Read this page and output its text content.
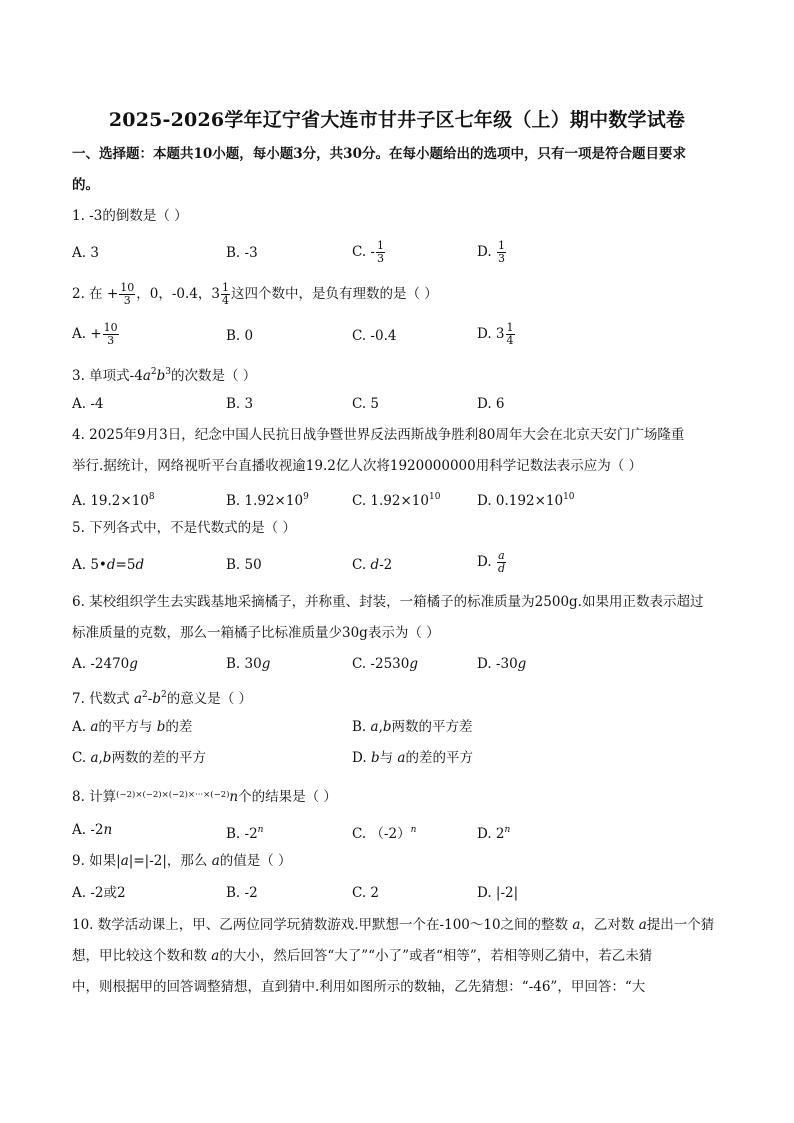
2025-2026学年辽宁省大连市甘井子区七年级（上）期中数学试卷
一、选择题：本题共10小题，每小题3分，共30分。在每小题给出的选项中，只有一项是符合题目要求
的。
1. -3的倒数是（ ）
A. 3	B. -3	C. - $\frac{1}{3}$	D. $\frac{1}{3}$
2. 在 + $\frac{10}{3}$ ，0，-0.4，$3 \frac{1}{4}$ 这四个数中，是负有理数的是（ ）
A. + $\frac{10}{3}$	B. 0	C. -0.4	D. $3 \frac{1}{4}$
3. 单项式$-4a^2b^3$的次数是（ ）
A. -4	B. 3	C. 5	D. 6
4. 2025年9月3日，纪念中国人民抗日战争暨世界反法西斯战争胜利80周年大会在北京天安门广场隆重
举行.据统计，网络视听平台直播收视逾19.2亿人次将1920000000用科学记数法表示应为（ ）
A. $19.2\times 10^8$	B. $1.92\times 10^9$	C. $1.92\times 10^{10}$	D. $0.192\times 10^{10}$
5. 下列各式中，不是代数式的是（ ）
A. 5•d=5d	B. 50	C. d-2	D. $\frac{a}{d}$
6. 某校组织学生去实践基地采摘橘子，并称重、封装，一箱橘子的标准质量为2500g.如果用正数表示超过
标准质量的克数，那么一箱橘子比标准质量少30g表示为（ ）
A. -2470g	B. 30g	C. -2530g	D. -30g
7. 代数式 $a^2-b^2$的意义是（ ）
A. a的平方与 b的差	B. a,b两数的平方差
C. a,b两数的差的平方	D. b与 a的差的平方
8. 计算$^{(-2)\times(-2)\times(-2)\times\cdot\cdot\cdot\times(-2)}$n个的结果是（ ）
A. -2n	B. -2$^n$	C. $(-2)^n$	D. 2$^n$
9. 如果|a|=|-2|，那么 a的值是（ ）
A. -2或2	B. -2	C. 2	D. |-2|
10. 数学活动课上，甲、乙两位同学玩猜数游戏.甲默想一个在-100～10之间的整数 a，乙对数 a提出一个猜
想，甲比较这个数和数 a的大小，然后回答“大了”“小了”或者“相等”，若相等则乙猜中，若乙未猜
中，则根据甲的回答调整猜想，直到猜中.利用如图所示的数轴，乙先猜想：“-46”，甲回答：“大
